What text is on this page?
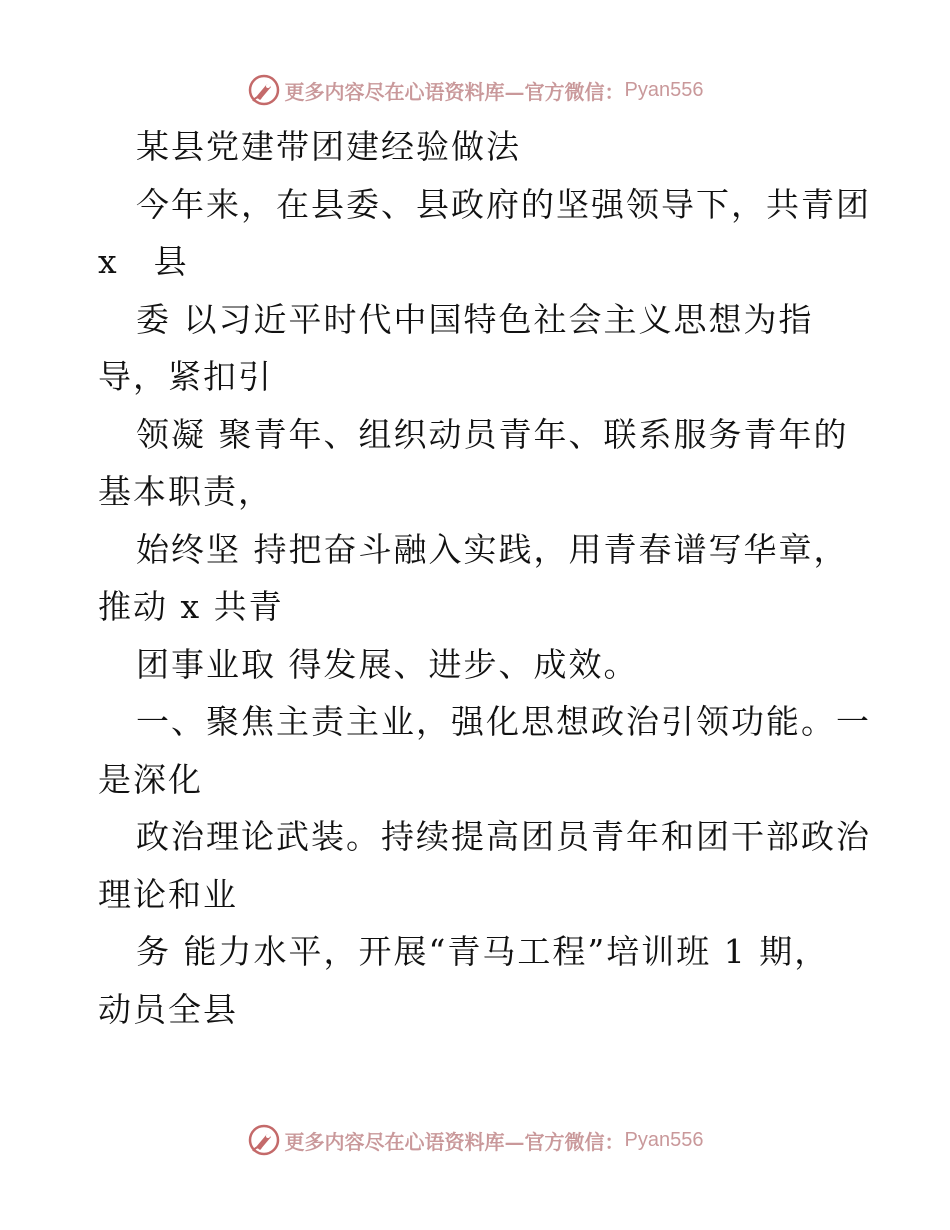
更多内容尽在心语资料库—官方微信： Pyan556
某县党建带团建经验做法
今年来，在县委、县政府的坚强领导下，共青团
x　县
委 以习近平时代中国特色社会主义思想为指
导，紧扣引
领凝 聚青年、组织动员青年、联系服务青年的
基本职责，
始终坚 持把奋斗融入实践，用青春谱写华章，
推动 x 共青
团事业取 得发展、进步、成效。
一、聚焦主责主业，强化思想政治引领功能。一
是深化
政治理论武装。持续提高团员青年和团干部政治
理论和业
务 能力水平，开展“青马工程”培训班 1 期，
动员全县
更多内容尽在心语资料库—官方微信： Pyan556
